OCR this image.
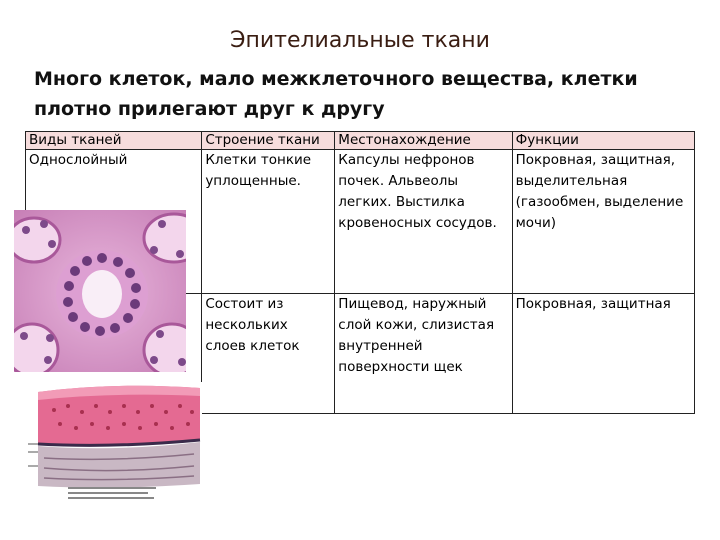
Эпителиальные ткани
Много клеток, мало межклеточного вещества, клетки плотно прилегают друг к другу
Виды тканей	Строение ткани	Местонахождение	Функции
Однослойный	Клетки тонкие уплощенные.	Капсулы нефронов почек. Альвеолы легких. Выстилка кровеносных сосудов.	Покровная, защитная, выделительная (газообмен, выделение мочи)
	Состоит из нескольких слоев клеток	Пищевод, наружный слой кожи, слизистая внутренней поверхности щек	Покровная, защитная
